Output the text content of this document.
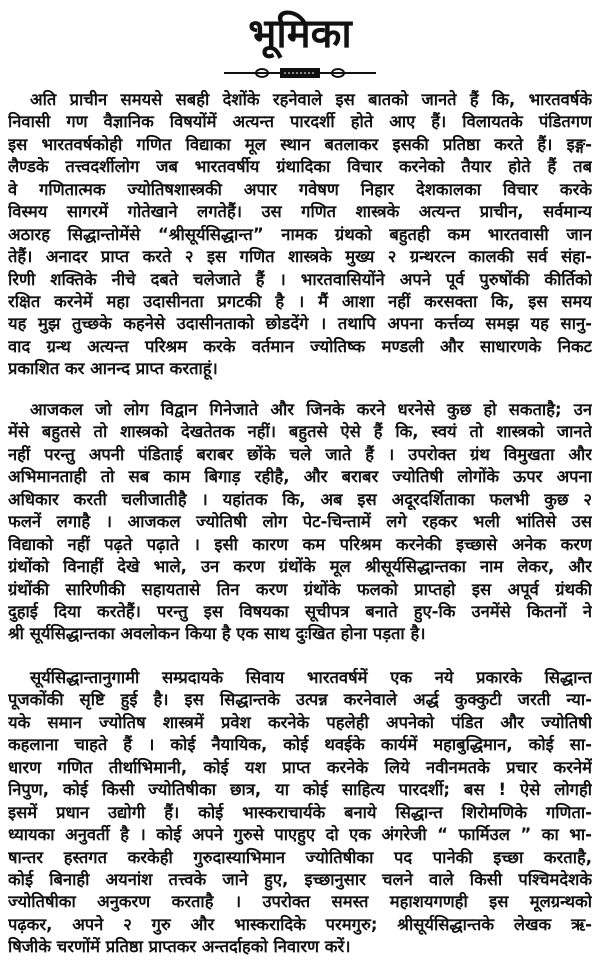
भूमिका
अति प्राचीन समयसे सबही देशोंके रहनेवाले इस बातको जानते हैं कि, भारतवर्षके
निवासी गण वैज्ञानिक विषयोंमें अत्यन्त पारदर्शी होते आए हैं। विलायतके पंडितगण
इस भारतवर्षकोही गणित विद्याका मूल स्थान बतलाकर इसकी प्रतिष्ठा करते हैं। इङ्ग-
लैण्डके तत्त्वदर्शीलोग जब भारतवर्षीय ग्रंथादिका विचार करनेको तैयार होते हैं तब
वे गणितात्मक ज्योतिषशास्त्रकी अपार गवेषण निहार देशकालका विचार करके
विस्मय सागरमें गोतेखाने लगतेहैं। उस गणित शास्त्रके अत्यन्त प्राचीन, सर्वमान्य
अठारह सिद्धान्तोमेंसे “श्रीसूर्यसिद्धान्त” नामक ग्रंथको बहुतही कम भारतवासी जान
तेहैं। अनादर प्राप्त करते २ इस गणित शास्त्रके मुख्य २ ग्रन्थरत्न कालकी सर्व संहा-
रिणी शक्तिके नीचे दबते चलेजाते हैं । भारतवासियोंने अपने पूर्व पुरुषोंकी कीर्तिको
रक्षित करनेमें महा उदासीनता प्रगटकी है । मैं आशा नहीं करसक्ता कि, इस समय
यह मुझ तुच्छके कहनेसे उदासीनताको छोडदेंगे । तथापि अपना कर्त्तव्य समझ यह सानु-
वाद ग्रन्थ अत्यन्त परिश्रम करके वर्तमान ज्योतिष्क मण्डली और साधारणके निकट
प्रकाशित कर आनन्द प्राप्त करताहूं।
आजकल जो लोग विद्वान गिनेजाते और जिनके करने धरनेसे कुछ हो सकताहै; उन
मेंसे बहुतसे तो शास्त्रको देखतेतक नहीं। बहुतसे ऐसे हैं कि, स्वयं तो शास्त्रको जानते
नहीं परन्तु अपनी पंडिताई बराबर छोंके चले जाते हैं । उपरोक्त ग्रंथ विमुखता और
अभिमानताही तो सब काम बिगाड़ रहीहै, और बराबर ज्योतिषी लोगोंके ऊपर अपना
अधिकार करती चलीजातीहै । यहांतक कि, अब इस अदूरदर्शिताका फलभी कुछ २
फलनें लगाहै । आजकल ज्योतिषी लोग पेट-चिन्तामें लगे रहकर भली भांतिसे उस
विद्याको नहीं पढ़ते पढ़ाते । इसी कारण कम परिश्रम करनेकी इच्छासे अनेक करण
ग्रंथोंको विनाहीं देखे भाले, उन करण ग्रंथोंके मूल श्रीसूर्यसिद्धान्तका नाम लेकर, और
ग्रंथोंकी सारिणीकी सहायतासे तिन करण ग्रंथोंके फलको प्राप्तहो इस अपूर्व ग्रंथकी
दुहाई दिया करतेहैं। परन्तु इस विषयका सूचीपत्र बनाते हुए-कि उनमेंसे कितनों ने
श्री सूर्यसिद्धान्तका अवलोकन किया है एक साथ दुःखित होना पड़ता है।
सूर्यसिद्धान्तानुगामी सम्प्रदायके सिवाय भारतवर्षमें एक नये प्रकारके सिद्धान्त
पूजकोंकी सृष्टि हुई है। इस सिद्धान्तके उत्पन्न करनेवाले अर्द्ध कुक्कुटी जरती न्या-
यके समान ज्योतिष शास्त्रमें प्रवेश करनेके पहलेही अपनेको पंडित और ज्योतिषी
कहलाना चाहते हैं । कोई नैयायिक, कोई थवईके कार्यमें महाबुद्धिमान, कोई सा-
धारण गणित तीर्थाभिमानी, कोई यश प्राप्त करनेके लिये नवीनमतके प्रचार करनेमें
निपुण, कोई किसी ज्योतिषीका छात्र, या कोई साहित्य पारदर्शी; बस ! ऐसे लोगही
इसमें प्रधान उद्योगी हैं। कोई भास्कराचार्यके बनाये सिद्धान्त शिरोमणिके गणिता-
ध्यायका अनुवर्ती है । कोई अपने गुरुसे पाएहुए दो एक अंगरेजी “ फार्मिउल ” का भा-
षान्तर हस्तगत करकेही गुरुदास्याभिमान ज्योतिषीका पद पानेकी इच्छा करताहै,
कोई बिनाही अयनांश तत्त्वके जाने हुए, इच्छानुसार चलने वाले किसी पश्चिमदेशके
ज्योतिषीका अनुकरण करताहै । उपरोक्त समस्त महाशयगणही इस मूलग्रन्थको
पढ़कर, अपने २ गुरु और भास्करादिके परमगुरु; श्रीसूर्यसिद्धान्तके लेखक ऋ-
षिजीके चरणोंमें प्रतिष्ठा प्राप्तकर अन्तर्दाहको निवारण करें।
